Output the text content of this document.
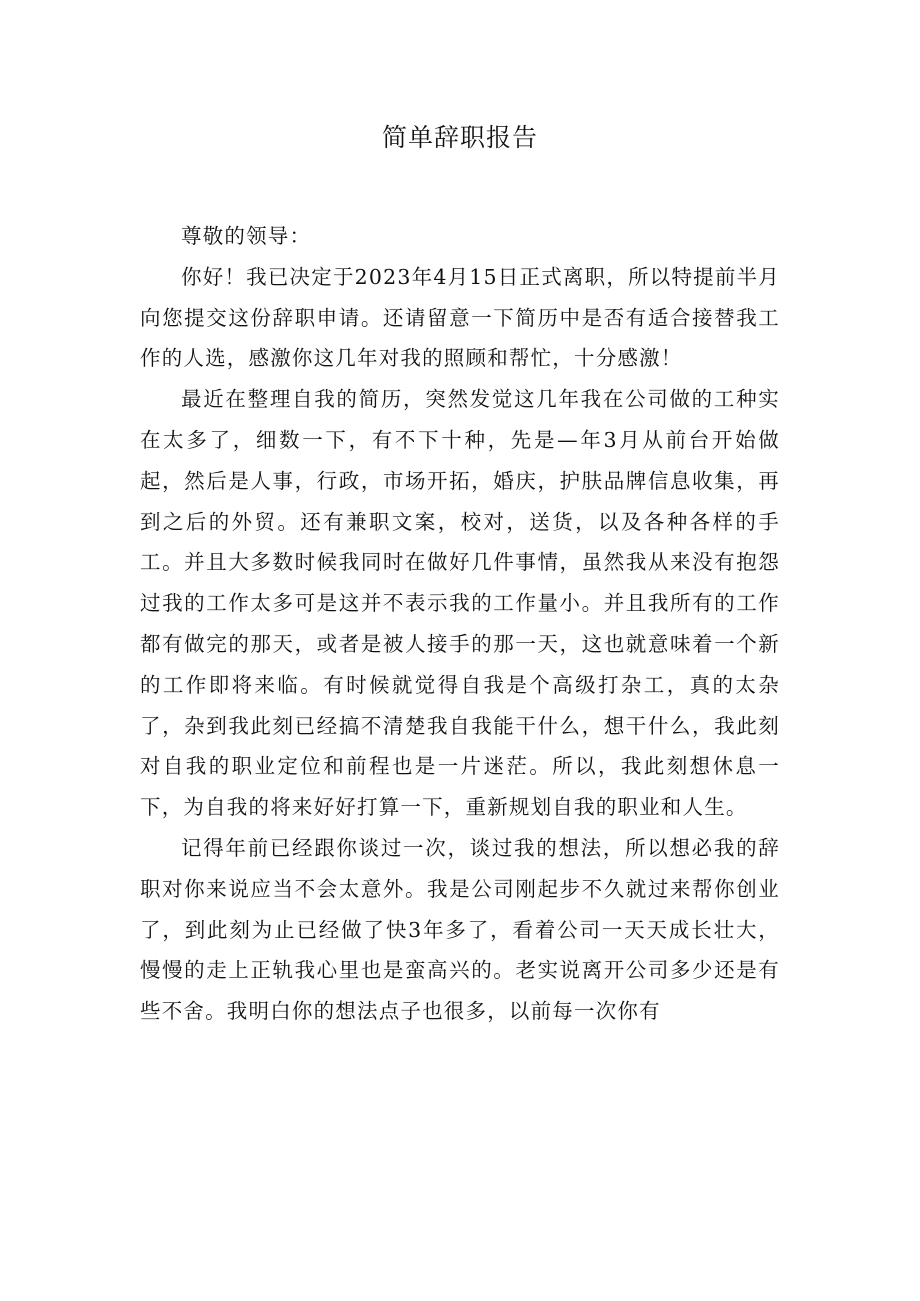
简单辞职报告

尊敬的领导：

你好！我已决定于2023年4月15日正式离职，所以特提前半月向您提交这份辞职申请。还请留意一下简历中是否有适合接替我工作的人选，感激你这几年对我的照顾和帮忙，十分感激！

最近在整理自我的简历，突然发觉这几年我在公司做的工种实在太多了，细数一下，有不下十种，先是—年3月从前台开始做起，然后是人事，行政，市场开拓，婚庆，护肤品牌信息收集，再到之后的外贸。还有兼职文案，校对，送货，以及各种各样的手工。并且大多数时候我同时在做好几件事情，虽然我从来没有抱怨过我的工作太多可是这并不表示我的工作量小。并且我所有的工作都有做完的那天，或者是被人接手的那一天，这也就意味着一个新的工作即将来临。有时候就觉得自我是个高级打杂工，真的太杂了，杂到我此刻已经搞不清楚我自我能干什么，想干什么，我此刻对自我的职业定位和前程也是一片迷茫。所以，我此刻想休息一下，为自我的将来好好打算一下，重新规划自我的职业和人生。

记得年前已经跟你谈过一次，谈过我的想法，所以想必我的辞职对你来说应当不会太意外。我是公司刚起步不久就过来帮你创业了，到此刻为止已经做了快3年多了，看着公司一天天成长壮大，慢慢的走上正轨我心里也是蛮高兴的。老实说离开公司多少还是有些不舍。我明白你的想法点子也很多，以前每一次你有
